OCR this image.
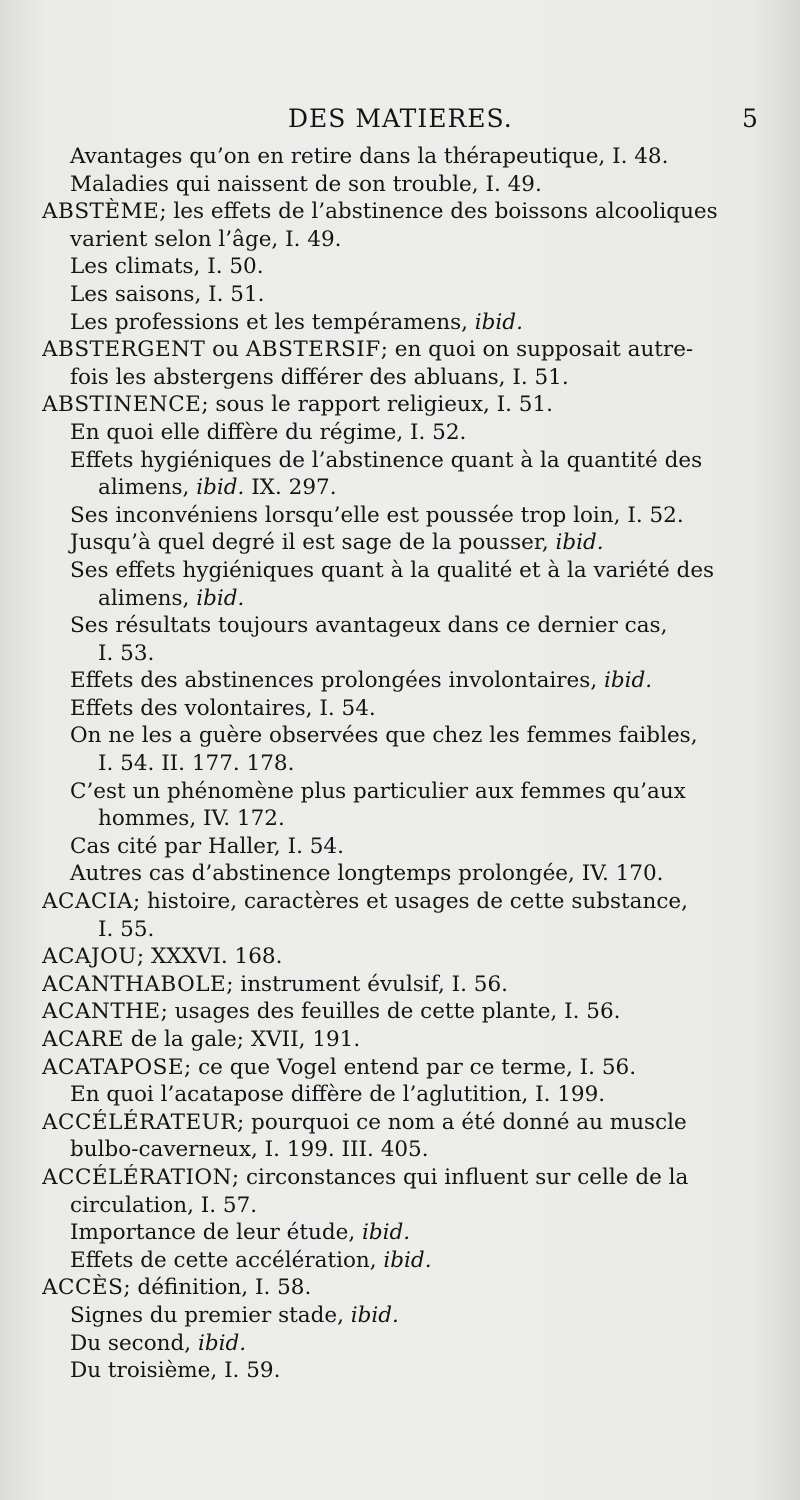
DES MATIERES.	5
Avantages qu’on en retire dans la thérapeutique, I. 48.
Maladies qui naissent de son trouble, I. 49.
ABSTÈME; les effets de l’abstinence des boissons alcooliques
varient selon l’âge, I. 49.
Les climats, I. 50.
Les saisons, I. 51.
Les professions et les tempéramens, ibid.
ABSTERGENT ou ABSTERSIF; en quoi on supposait autre-
fois les abstergens différer des abluans, I. 51.
ABSTINENCE; sous le rapport religieux, I. 51.
En quoi elle diffère du régime, I. 52.
Effets hygiéniques de l’abstinence quant à la quantité des
alimens, ibid. IX. 297.
Ses inconvéniens lorsqu’elle est poussée trop loin, I. 52.
Jusqu’à quel degré il est sage de la pousser, ibid.
Ses effets hygiéniques quant à la qualité et à la variété des
alimens, ibid.
Ses résultats toujours avantageux dans ce dernier cas,
I. 53.
Effets des abstinences prolongées involontaires, ibid.
Effets des volontaires, I. 54.
On ne les a guère observées que chez les femmes faibles,
I. 54. II. 177. 178.
C’est un phénomène plus particulier aux femmes qu’aux
hommes, IV. 172.
Cas cité par Haller, I. 54.
Autres cas d’abstinence longtemps prolongée, IV. 170.
ACACIA; histoire, caractères et usages de cette substance,
I. 55.
ACAJOU; XXXVI. 168.
ACANTHABOLE; instrument évulsif, I. 56.
ACANTHE; usages des feuilles de cette plante, I. 56.
ACARE de la gale; XVII, 191.
ACATAPOSE; ce que Vogel entend par ce terme, I. 56.
En quoi l’acatapose diffère de l’aglutition, I. 199.
ACCÉLÉRATEUR; pourquoi ce nom a été donné au muscle
bulbo-caverneux, I. 199. III. 405.
ACCÉLÉRATION; circonstances qui influent sur celle de la
circulation, I. 57.
Importance de leur étude, ibid.
Effets de cette accélération, ibid.
ACCÈS; définition, I. 58.
Signes du premier stade, ibid.
Du second, ibid.
Du troisième, I. 59.
